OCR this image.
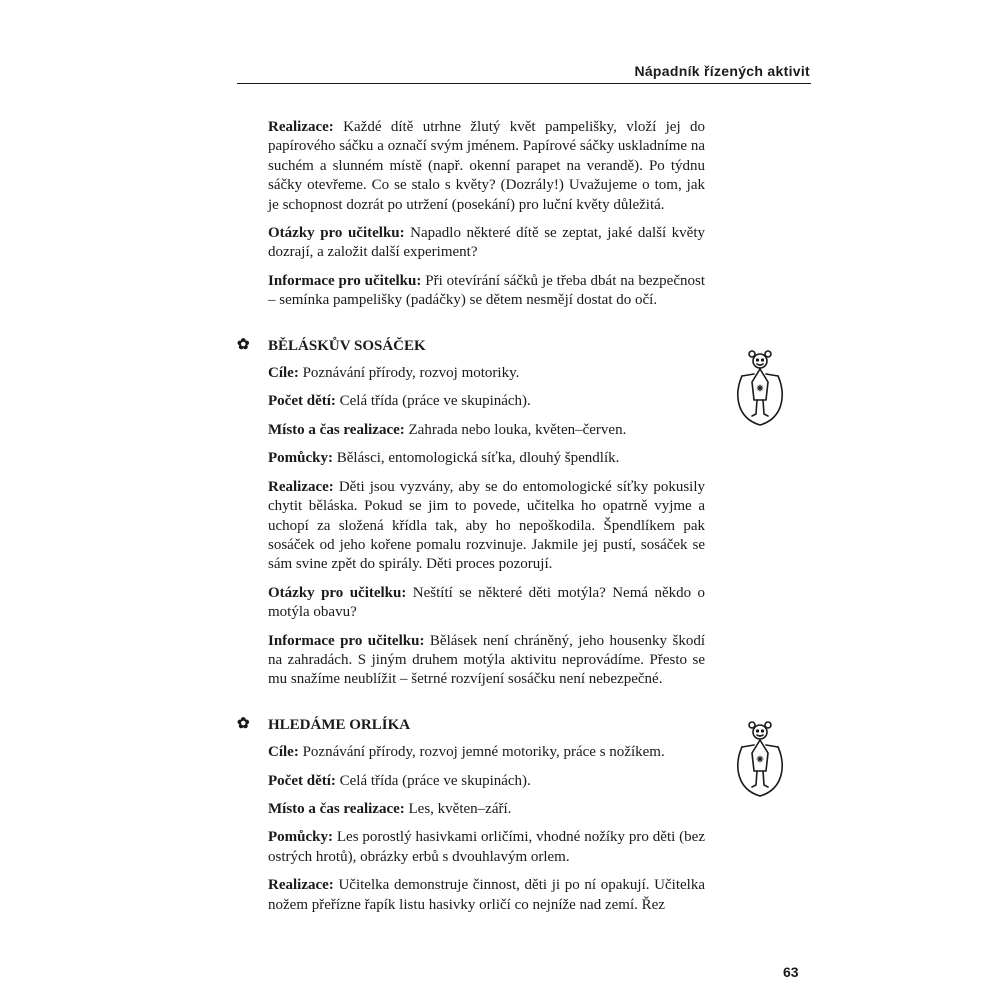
Nápadník řízených aktivit

Realizace: Každé dítě utrhne žlutý květ pampelišky, vloží jej do papírového sáčku a označí svým jménem. Papírové sáčky uskladníme na suchém a slunném místě (např. okenní parapet na verandě). Po týdnu sáčky otevřeme. Co se stalo s květy? (Dozrály!) Uvažujeme o tom, jak je schopnost dozrát po utržení (posekání) pro luční květy důležitá.

Otázky pro učitelku: Napadlo některé dítě se zeptat, jaké další květy dozrají, a založit další experiment?

Informace pro učitelku: Při otevírání sáčků je třeba dbát na bezpečnost – semínka pampelišky (padáčky) se dětem nesmějí dostat do očí.

✿ BĚLÁSKŮV SOSÁČEK

Cíle: Poznávání přírody, rozvoj motoriky.

Počet dětí: Celá třída (práce ve skupinách).

Místo a čas realizace: Zahrada nebo louka, květen–červen.

Pomůcky: Bělásci, entomologická síťka, dlouhý špendlík.

Realizace: Děti jsou vyzvány, aby se do entomologické síťky pokusily chytit běláska. Pokud se jim to povede, učitelka ho opatrně vyjme a uchopí za složená křídla tak, aby ho nepoškodila. Špendlíkem pak sosáček od jeho kořene pomalu rozvinuje. Jakmile jej pustí, sosáček se sám svine zpět do spirály. Děti proces pozorují.

Otázky pro učitelku: Neštítí se některé děti motýla? Nemá někdo o motýla obavu?

Informace pro učitelku: Bělásek není chráněný, jeho housenky škodí na zahradách. S jiným druhem motýla aktivitu neprovádíme. Přesto se mu snažíme neublížit – šetrné rozvíjení sosáčku není nebezpečné.

✿ HLEDÁME ORLÍKA

Cíle: Poznávání přírody, rozvoj jemné motoriky, práce s nožíkem.

Počet dětí: Celá třída (práce ve skupinách).

Místo a čas realizace: Les, květen–září.

Pomůcky: Les porostlý hasivkami orličími, vhodné nožíky pro děti (bez ostrých hrotů), obrázky erbů s dvouhlavým orlem.

Realizace: Učitelka demonstruje činnost, děti ji po ní opakují. Učitelka nožem přeřízne řapík listu hasivky orličí co nejníže nad zemí. Řez

63
